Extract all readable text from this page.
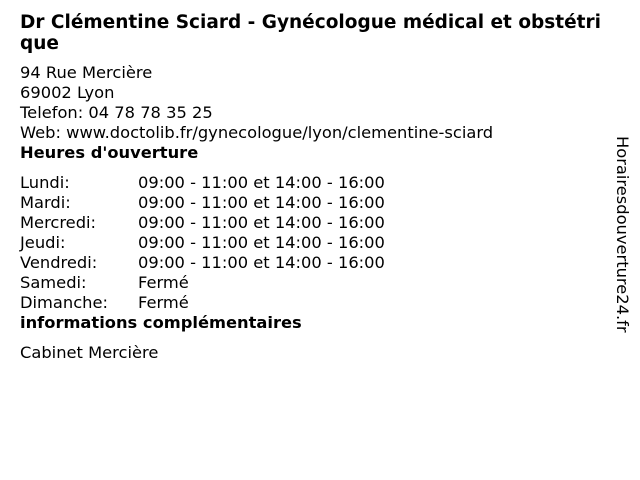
Dr Clémentine Sciard - Gynécologue médical et obstétrique
94 Rue Mercière
69002 Lyon
Telefon: 04 78 78 35 25
Web: www.doctolib.fr/gynecologue/lyon/clementine-sciard
Heures d'ouverture
Lundi:	09:00 - 11:00 et 14:00 - 16:00
Mardi:	09:00 - 11:00 et 14:00 - 16:00
Mercredi:	09:00 - 11:00 et 14:00 - 16:00
Jeudi:	09:00 - 11:00 et 14:00 - 16:00
Vendredi:	09:00 - 11:00 et 14:00 - 16:00
Samedi:	Fermé
Dimanche:	Fermé
informations complémentaires
Cabinet Mercière
Horairesdouverture24.fr
